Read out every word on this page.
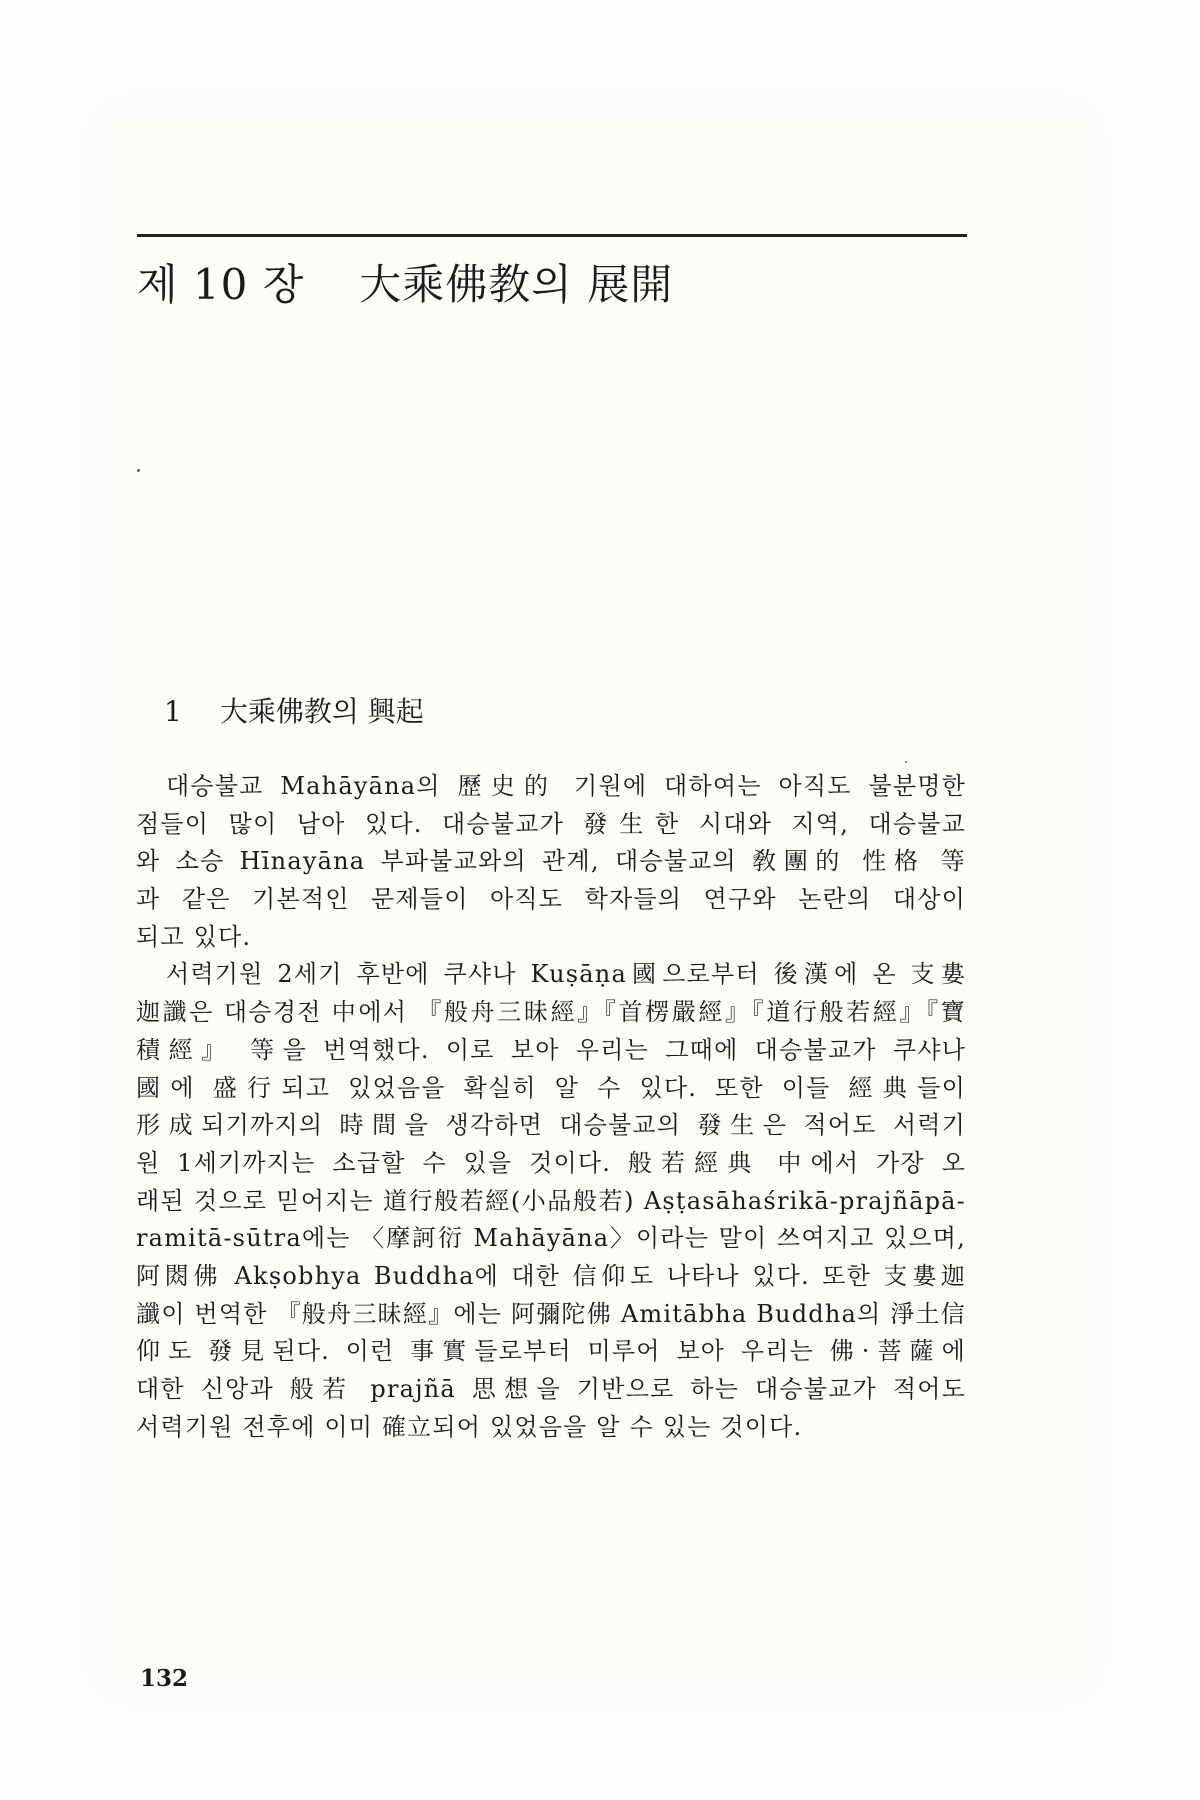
제 10 장 大乘佛教의 展開
1 大乘佛教의 興起
대승불교 Mahāyāna의 歷史的 기원에 대하여는 아직도 불분명한
점들이 많이 남아 있다. 대승불교가 發生한 시대와 지역, 대승불교
와 소승 Hīnayāna 부파불교와의 관계, 대승불교의 敎團的 性格 等
과 같은 기본적인 문제들이 아직도 학자들의 연구와 논란의 대상이
되고 있다.
서력기원 2세기 후반에 쿠샤나 Kuṣāṇa國으로부터 後漢에 온 支婁
迦讖은 대승경전 中에서 『般舟三昧經』『首楞嚴經』『道行般若經』『寶
積經』 等을 번역했다. 이로 보아 우리는 그때에 대승불교가 쿠샤나
國에 盛行되고 있었음을 확실히 알 수 있다. 또한 이들 經典들이
形成되기까지의 時間을 생각하면 대승불교의 發生은 적어도 서력기
원 1세기까지는 소급할 수 있을 것이다. 般若經典 中에서 가장 오
래된 것으로 믿어지는 道行般若經(小品般若) Aṣṭasāhaśrikā-prajñāpā-
ramitā-sūtra에는 〈摩訶衍 Mahāyāna〉이라는 말이 쓰여지고 있으며,
阿閦佛 Akṣobhya Buddha에 대한 信仰도 나타나 있다. 또한 支婁迦
讖이 번역한 『般舟三昧經』에는 阿彌陀佛 Amitābha Buddha의 淨土信
仰도 發見된다. 이런 事實들로부터 미루어 보아 우리는 佛·菩薩에
대한 신앙과 般若 prajñā 思想을 기반으로 하는 대승불교가 적어도
서력기원 전후에 이미 確立되어 있었음을 알 수 있는 것이다.
132
